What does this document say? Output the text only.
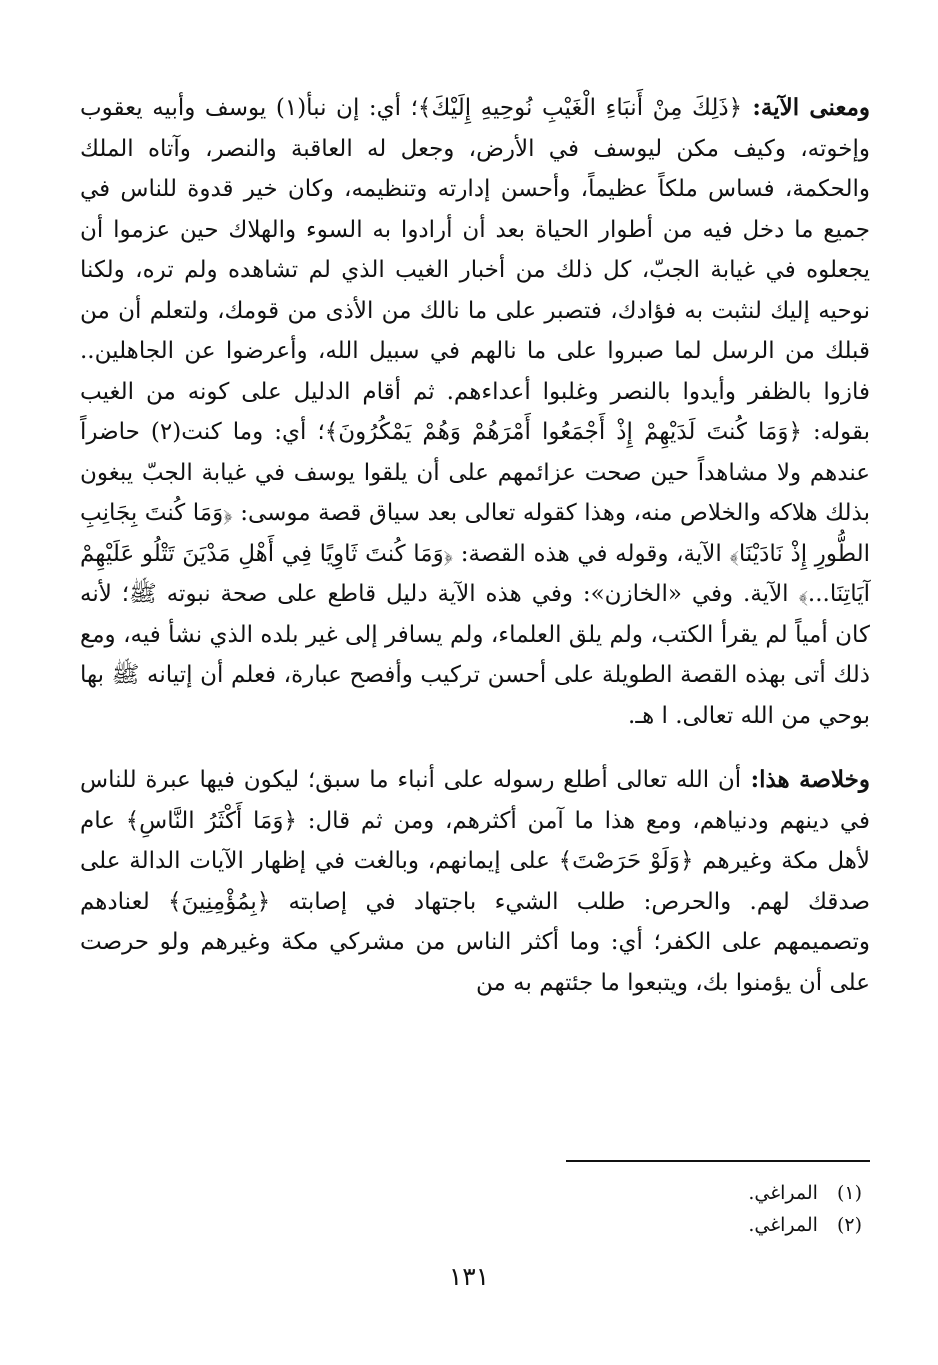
ومعنى الآية: ﴿ذَلِكَ مِنْ أَنبَاءِ الْغَيْبِ نُوحِيهِ إِلَيْكَ﴾؛ أي: إن نبأ(١) يوسف وأبيه يعقوب وإخوته، وكيف مكن ليوسف في الأرض، وجعل له العاقبة والنصر، وآتاه الملك والحكمة، فساس ملكاً عظيماً، وأحسن إدارته وتنظيمه، وكان خير قدوة للناس في جميع ما دخل فيه من أطوار الحياة بعد أن أرادوا به السوء والهلاك حين عزموا أن يجعلوه في غيابة الجبّ، كل ذلك من أخبار الغيب الذي لم تشاهده ولم تره، ولكنا نوحيه إليك لنثبت به فؤادك، فتصبر على ما نالك من الأذى من قومك، ولتعلم أن من قبلك من الرسل لما صبروا على ما نالهم في سبيل الله، وأعرضوا عن الجاهلين.. فازوا بالظفر وأيدوا بالنصر وغلبوا أعداءهم. ثم أقام الدليل على كونه من الغيب بقوله: ﴿وَمَا كُنتَ لَدَيْهِمْ إِذْ أَجْمَعُوا أَمْرَهُمْ وَهُمْ يَمْكُرُونَ﴾؛ أي: وما كنت(٢) حاضراً عندهم ولا مشاهداً حين صحت عزائمهم على أن يلقوا يوسف في غيابة الجبّ يبغون بذلك هلاكه والخلاص منه، وهذا كقوله تعالى بعد سياق قصة موسى: ﴿وَمَا كُنتَ بِجَانِبِ الطُّورِ إِذْ نَادَيْنَا﴾ الآية، وقوله في هذه القصة: ﴿وَمَا كُنتَ ثَاوِيًا فِي أَهْلِ مَدْيَنَ تَتْلُو عَلَيْهِمْ آيَاتِنَا...﴾ الآية. وفي «الخازن»: وفي هذه الآية دليل قاطع على صحة نبوته ﷺ؛ لأنه كان أمياً لم يقرأ الكتب، ولم يلق العلماء، ولم يسافر إلى غير بلده الذي نشأ فيه، ومع ذلك أتى بهذه القصة الطويلة على أحسن تركيب وأفصح عبارة، فعلم أن إتيانه ﷺ بها بوحي من الله تعالى. ا هـ.

وخلاصة هذا: أن الله تعالى أطلع رسوله على أنباء ما سبق؛ ليكون فيها عبرة للناس في دينهم ودنياهم، ومع هذا ما آمن أكثرهم، ومن ثم قال: ﴿وَمَا أَكْثَرُ النَّاسِ﴾ عام لأهل مكة وغيرهم ﴿وَلَوْ حَرَصْتَ﴾ على إيمانهم، وبالغت في إظهار الآيات الدالة على صدقك لهم. والحرص: طلب الشيء باجتهاد في إصابته ﴿بِمُؤْمِنِينَ﴾ لعنادهم وتصميمهم على الكفر؛ أي: وما أكثر الناس من مشركي مكة وغيرهم ولو حرصت على أن يؤمنوا بك، ويتبعوا ما جئتهم به من

(١) المراغي.
(٢) المراغي.
١٣١
